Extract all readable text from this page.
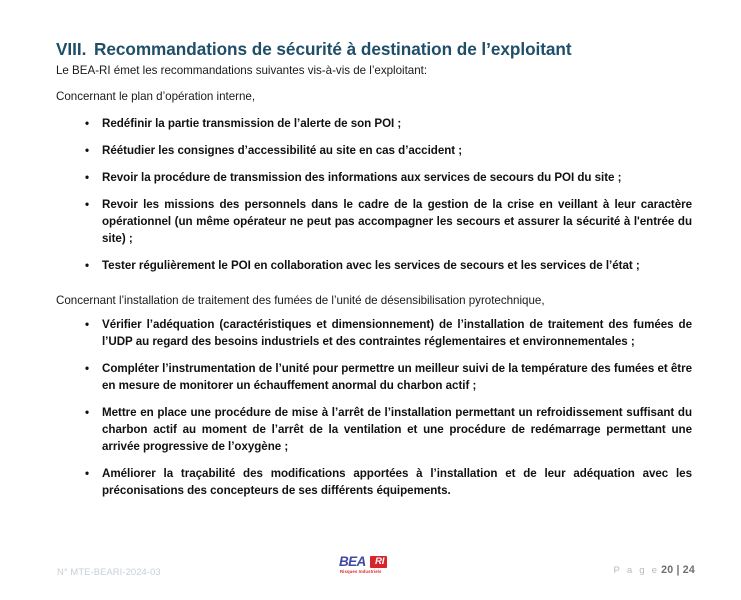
VIII. Recommandations de sécurité à destination de l’exploitant

Le BEA-RI émet les recommandations suivantes vis-à-vis de l’exploitant:

Concernant le plan d’opération interne,

• Redéfinir la partie transmission de l’alerte de son POI ;
• Réétudier les consignes d’accessibilité au site en cas d’accident ;
• Revoir la procédure de transmission des informations aux services de secours du POI du site ;
• Revoir les missions des personnels dans le cadre de la gestion de la crise en veillant à leur caractère opérationnel (un même opérateur ne peut pas accompagner les secours et assurer la sécurité à l'entrée du site) ;
• Tester régulièrement le POI en collaboration avec les services de secours et les services de l’état ;

Concernant l’installation de traitement des fumées de l’unité de désensibilisation pyrotechnique,

• Vérifier l’adéquation (caractéristiques et dimensionnement) de l’installation de traitement des fumées de l’UDP au regard des besoins industriels et des contraintes réglementaires et environnementales ;
• Compléter l’instrumentation de l’unité pour permettre un meilleur suivi de la température des fumées et être en mesure de monitorer un échauffement anormal du charbon actif ;
• Mettre en place une procédure de mise à l’arrêt de l’installation permettant un refroidissement suffisant du charbon actif au moment de l’arrêt de la ventilation et une procédure de redémarrage permettant une arrivée progressive de l’oxygène ;
• Améliorer la traçabilité des modifications apportées à l’installation et de leur adéquation avec les préconisations des concepteurs de ses différents équipements.
N° MTE-BEARI-2024-03
BEA RI
Risques Industriels	P a g e 20 | 24
